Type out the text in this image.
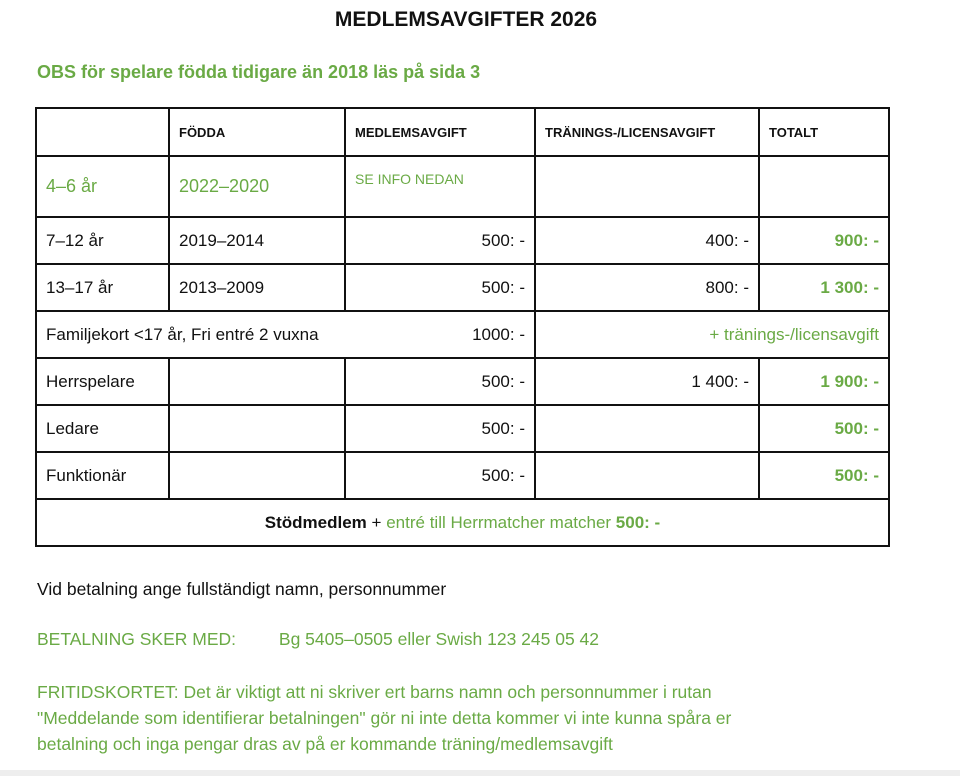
MEDLEMSAVGIFTER 2026
OBS för spelare födda tidigare än 2018 läs på sida 3
	FÖDDA	MEDLEMSAVGIFT	TRÄNINGS-/LICENSAVGIFT	TOTALT
4–6 år	2022–2020	SE INFO NEDAN		
7–12 år	2019–2014	500: -	400: -	900: -
13–17 år	2013–2009	500: -	800: -	1 300: -
Familjekort <17 år, Fri entré 2 vuxna 1000: -			+ tränings-/licensavgift	
Herrspelare		500: -	1 400: -	1 900: -
Ledare		500: -		500: -
Funktionär		500: -		500: -
Stödmedlem + entré till Herrmatcher matcher 500: -				
Vid betalning ange fullständigt namn, personnummer
BETALNING SKER MED: Bg 5405–0505 eller Swish 123 245 05 42
FRITIDSKORTET: Det är viktigt att ni skriver ert barns namn och personnummer i rutan
"Meddelande som identifierar betalningen" gör ni inte detta kommer vi inte kunna spåra er
betalning och inga pengar dras av på er kommande träning/medlemsavgift
